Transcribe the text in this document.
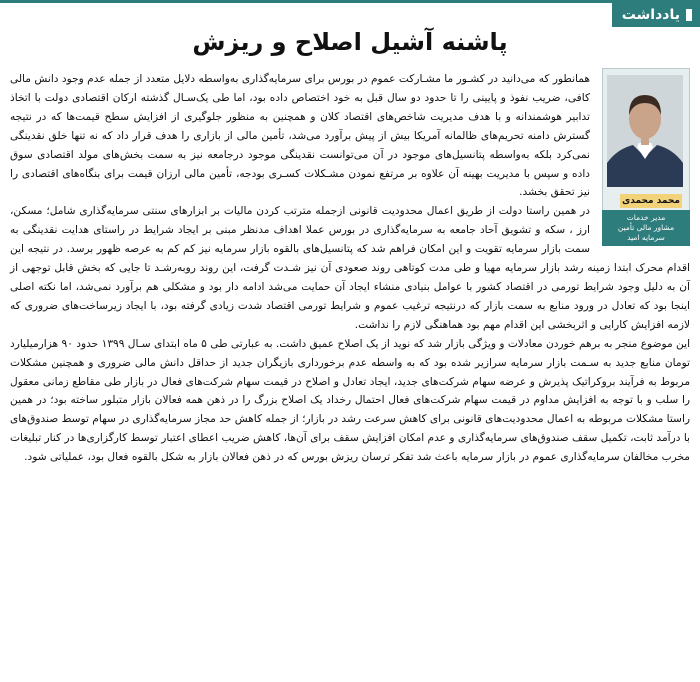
یادداشت
پاشنه آشیل اصلاح و ریزش
محمد محمدی
مدیر خدمات
مشاور مالی تأمین
سرمایه امید

همانطور که می‌دانید در کشـور ما مشـارکت عموم در بورس برای سرمایه‌گذاری به‌واسطه دلایل متعدد از جمله عدم وجود دانش مالی کافی، ضریب نفوذ و پایینی را تا حدود دو سال قبل به خود اختصاص داده بود، اما طی یک‌سـال گذشته ارکان اقتصادی دولت با اتخاذ تدابیر هوشمندانه و با هدف مدیریت شاخص‌های اقتصاد کلان و همچنین به منظور جلوگیری از افزایش سطح قیمت‌ها که در نتیجه گسترش دامنه تحریم‌های ظالمانه آمریکا بیش از پیش برآورد می‌شد، تأمین مالی از بازاری را هدف قرار داد که نه تنها خلق نقدینگی نمی‌کرد بلکه به‌واسطه پتانسیل‌های موجود در آن می‌توانست نقدینگی موجود درجامعه نیز به سمت بخش‌های مولد اقتصادی سوق داده و سپس با مدیریت بهینه آن علاوه بر مرتفع نمودن مشـکلات کسـری بودجه، تأمین مالی ارزان قیمت برای بنگاه‌های اقتصادی را نیز تحقق بخشد.

در همین راستا دولت از طریق اعمال محدودیت قانونی ازجمله مترتب کردن مالیات بر ابزارهای سنتی سرمایه‌گذاری شامل؛ مسکن، ارز ، سکه و تشویق آحاد جامعه به سرمایه‌گذاری در بورس عملا اهداف مدنظر مبنی بر ایجاد شرایط در راستای هدایت نقدینگی به سمت بازار سرمایه تقویت و این امکان فراهم شد که پتانسیل‌های بالقوه بازار سرمایه نیز کم کم به عرصه ظهور برسد. در نتیجه این اقدام محرک ابتدا زمینه رشد بازار سرمایه مهیا و طی مدت کوتاهی روند صعودی آن نیز شـدت گرفت، این روند روبه‌رشـد تا جایی که بخش قابل توجهی از آن به دلیل وجود شرایط تورمی در اقتصاد کشور با عوامل بنیادی منشاء ایجاد آن حمایت می‌شد ادامه دار بود و مشکلی هم برآورد نمی‌شد، اما نکته اصلی اینجا بود که تعادل در ورود منابع به سمت بازار که درنتیجه ترغیب عموم و شرایط تورمی اقتصاد شدت زیادی گرفته بود، با ایجاد زیرساخت‌های ضروری که لازمه افزایش کارایی و اثربخشی این اقدام مهم بود هماهنگی لازم را نداشت.

این موضوع منجر به برهم خوردن معادلات و ویژگی بازار شد که نوید از یک اصلاح عمیق داشت. به عبارتی طی ۵ ماه ابتدای سـال ۱۳۹۹ حدود ۹۰ هزارمیلیارد تومان منابع جدید به سـمت بازار سرمایه سرازیر شده بود که به واسطه عدم برخورداری بازیگران جدید از حداقل دانش مالی ضروری و همچنین مشکلات مربوط به فرآیند بروکراتیک پذیرش و عرضه سهام شرکت‌های جدید، ایجاد تعادل و اصلاح در قیمت سهام شرکت‌های فعال در بازار طی مقاطع زمانی معقول را سلب و با توجه به افزایش مداوم در قیمت سهام شرکت‌های فعال احتمال رخداد یک اصلاح بزرگ را در ذهن همه فعالان بازار متبلور ساخته بود؛ در همین راستا مشکلات مربوطه به اعمال محدودیت‌های قانونی برای کاهش سرعت رشد در بازار؛ از جمله کاهش حد مجاز سرمایه‌گذاری در سهام توسط صندوق‌های با درآمد ثابت، تکمیل سقف صندوق‌های سرمایه‌گذاری و عدم امکان افزایش سقف برای آن‌ها، کاهش ضریب اعطای اعتبار توسط کارگزاری‌ها در کنار تبلیغات مخرب مخالفان سرمایه‌گذاری عموم در بازار سرمایه باعث شد تفکر ترسان ریزش بورس که در ذهن فعالان بازار به شکل بالقوه فعال بود، عملیاتی شود.
